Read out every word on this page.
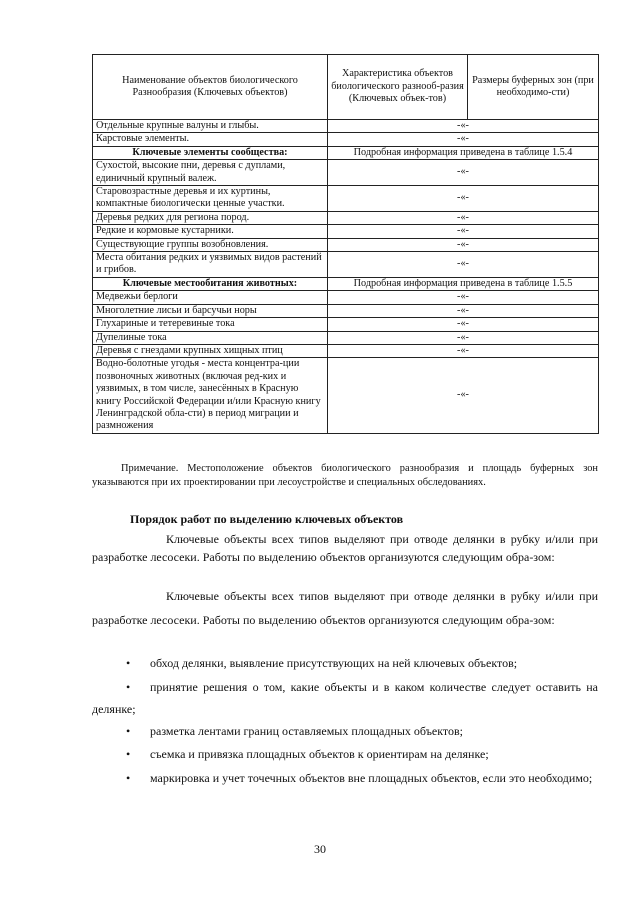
Наименование объектов биологического Разнообразия (Ключевых объектов)	Характеристика объектов биологического разнооб-разия (Ключевых объек-тов)	Размеры буферных зон (при необходимо-сти)
Отдельные крупные валуны и глыбы.	-«-	
Карстовые элементы.	-«-	
Ключевые элементы сообщества:	Подробная информация приведена в таблице 1.5.4	
Сухостой, высокие пни, деревья с дуплами, единичный крупный валеж.	-«-	
Старовозрастные деревья и их куртины, компактные биологически ценные участки.	-«-	
Деревья редких для региона пород.	-«-	
Редкие и кормовые кустарники.	-«-	
Существующие группы возобновления.	-«-	
Места обитания редких и уязвимых видов растений и грибов.	-«-	
Ключевые местообитания животных:	Подробная информация приведена в таблице 1.5.5	
Медвежьи берлоги	-«-	
Многолетние лисьи и барсучьи норы	-«-	
Глухариные и тетеревиные тока	-«-	
Дупелиные тока	-«-	
Деревья с гнездами крупных хищных птиц	-«-	
Водно-болотные угодья - места концентра-ции позвоночных животных (включая ред-ких и уязвимых, в том числе, занесённых в Красную книгу Российской Федерации и/или Красную книгу Ленинградской обла-сти) в период миграции и размножения	-«-	
Примечание. Местоположение объектов биологического разнообразия и площадь буферных зон указываются при их проектировании при лесоустройстве и специальных обследованиях.
Порядок работ по выделению ключевых объектов
Ключевые объекты всех типов выделяют при отводе делянки в рубку и/или при разработке лесосеки. Работы по выделению объектов организуются следующим обра-зом:
Ключевые объекты всех типов выделяют при отводе делянки в рубку и/или при разработке лесосеки. Работы по выделению объектов организуются следующим обра-зом:
• обход делянки, выявление присутствующих на ней ключевых объектов;
• принятие решения о том, какие объекты и в каком количестве следует оставить на делянке;
• разметка лентами границ оставляемых площадных объектов;
• съемка и привязка площадных объектов к ориентирам на делянке;
• маркировка и учет точечных объектов вне площадных объектов, если это необходимо;
30
